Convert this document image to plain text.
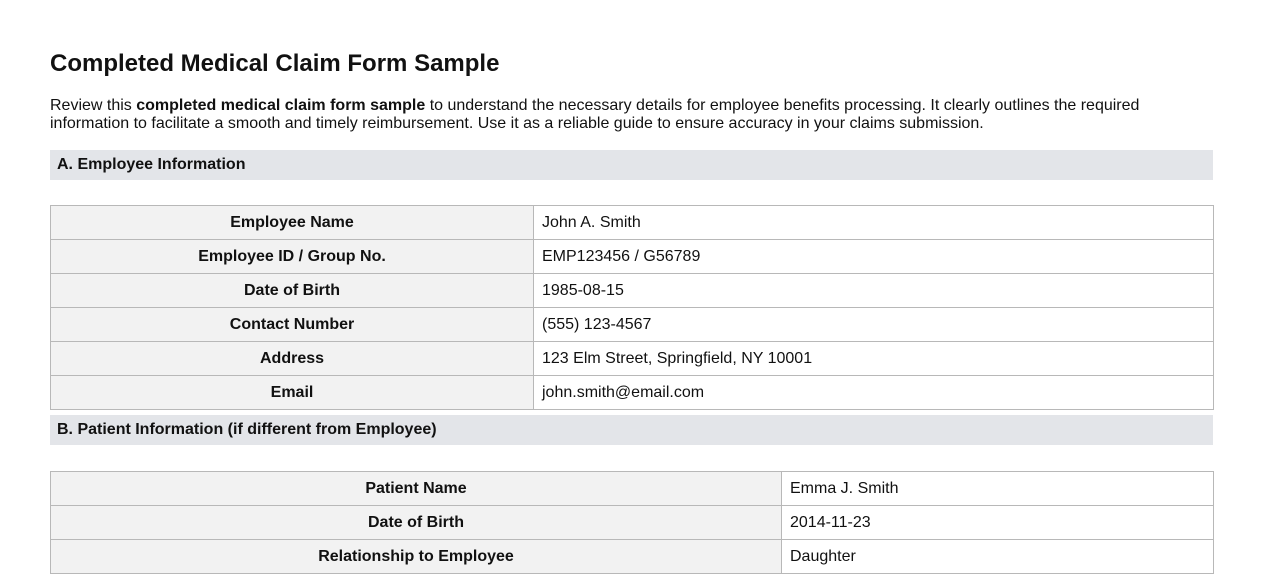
Completed Medical Claim Form Sample

Review this completed medical claim form sample to understand the necessary details for employee benefits processing. It clearly outlines the required information to facilitate a smooth and timely reimbursement. Use it as a reliable guide to ensure accuracy in your claims submission.

A. Employee Information
Employee Name	John A. Smith
Employee ID / Group No.	EMP123456 / G56789
Date of Birth	1985-08-15
Contact Number	(555) 123-4567
Address	123 Elm Street, Springfield, NY 10001
Email	john.smith@email.com
B. Patient Information (if different from Employee)
Patient Name	Emma J. Smith
Date of Birth	2014-11-23
Relationship to Employee	Daughter
